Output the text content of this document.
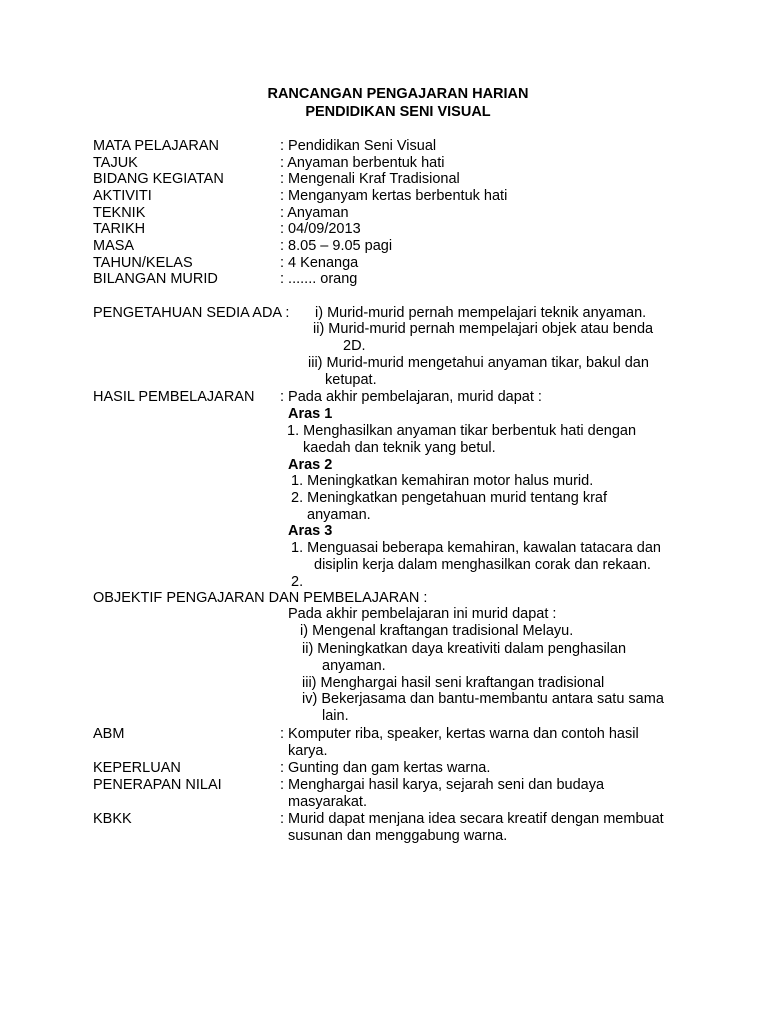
RANCANGAN PENGAJARAN HARIAN
PENDIDIKAN SENI VISUAL
MATA PELAJARAN	: Pendidikan Seni Visual
TAJUK	: Anyaman berbentuk hati
BIDANG KEGIATAN	: Mengenali Kraf Tradisional
AKTIVITI	: Menganyam kertas berbentuk hati
TEKNIK	: Anyaman
TARIKH	: 04/09/2013
MASA	: 8.05 – 9.05 pagi
TAHUN/KELAS	: 4 Kenanga
BILANGAN MURID	: ....... orang
PENGETAHUAN SEDIA ADA : i) Murid-murid pernah mempelajari teknik anyaman.
ii) Murid-murid pernah mempelajari objek atau benda
2D.
iii) Murid-murid mengetahui anyaman tikar, bakul dan
ketupat.
HASIL PEMBELAJARAN : Pada akhir pembelajaran, murid dapat :
Aras 1
1. Menghasilkan anyaman tikar berbentuk hati dengan
kaedah dan teknik yang betul.
Aras 2
1. Meningkatkan kemahiran motor halus murid.
2. Meningkatkan pengetahuan murid tentang kraf
anyaman.
Aras 3
1. Menguasai beberapa kemahiran, kawalan tatacara dan
disiplin kerja dalam menghasilkan corak dan rekaan.
2.
OBJEKTIF PENGAJARAN DAN PEMBELAJARAN :
Pada akhir pembelajaran ini murid dapat :
i) Mengenal kraftangan tradisional Melayu.
ii) Meningkatkan daya kreativiti dalam penghasilan
anyaman.
iii) Menghargai hasil seni kraftangan tradisional
iv) Bekerjasama dan bantu-membantu antara satu sama
lain.
ABM	: Komputer riba, speaker, kertas warna dan contoh hasil
karya.
KEPERLUAN	: Gunting dan gam kertas warna.
PENERAPAN NILAI	: Menghargai hasil karya, sejarah seni dan budaya
masyarakat.
KBKK	: Murid dapat menjana idea secara kreatif dengan membuat
susunan dan menggabung warna.
